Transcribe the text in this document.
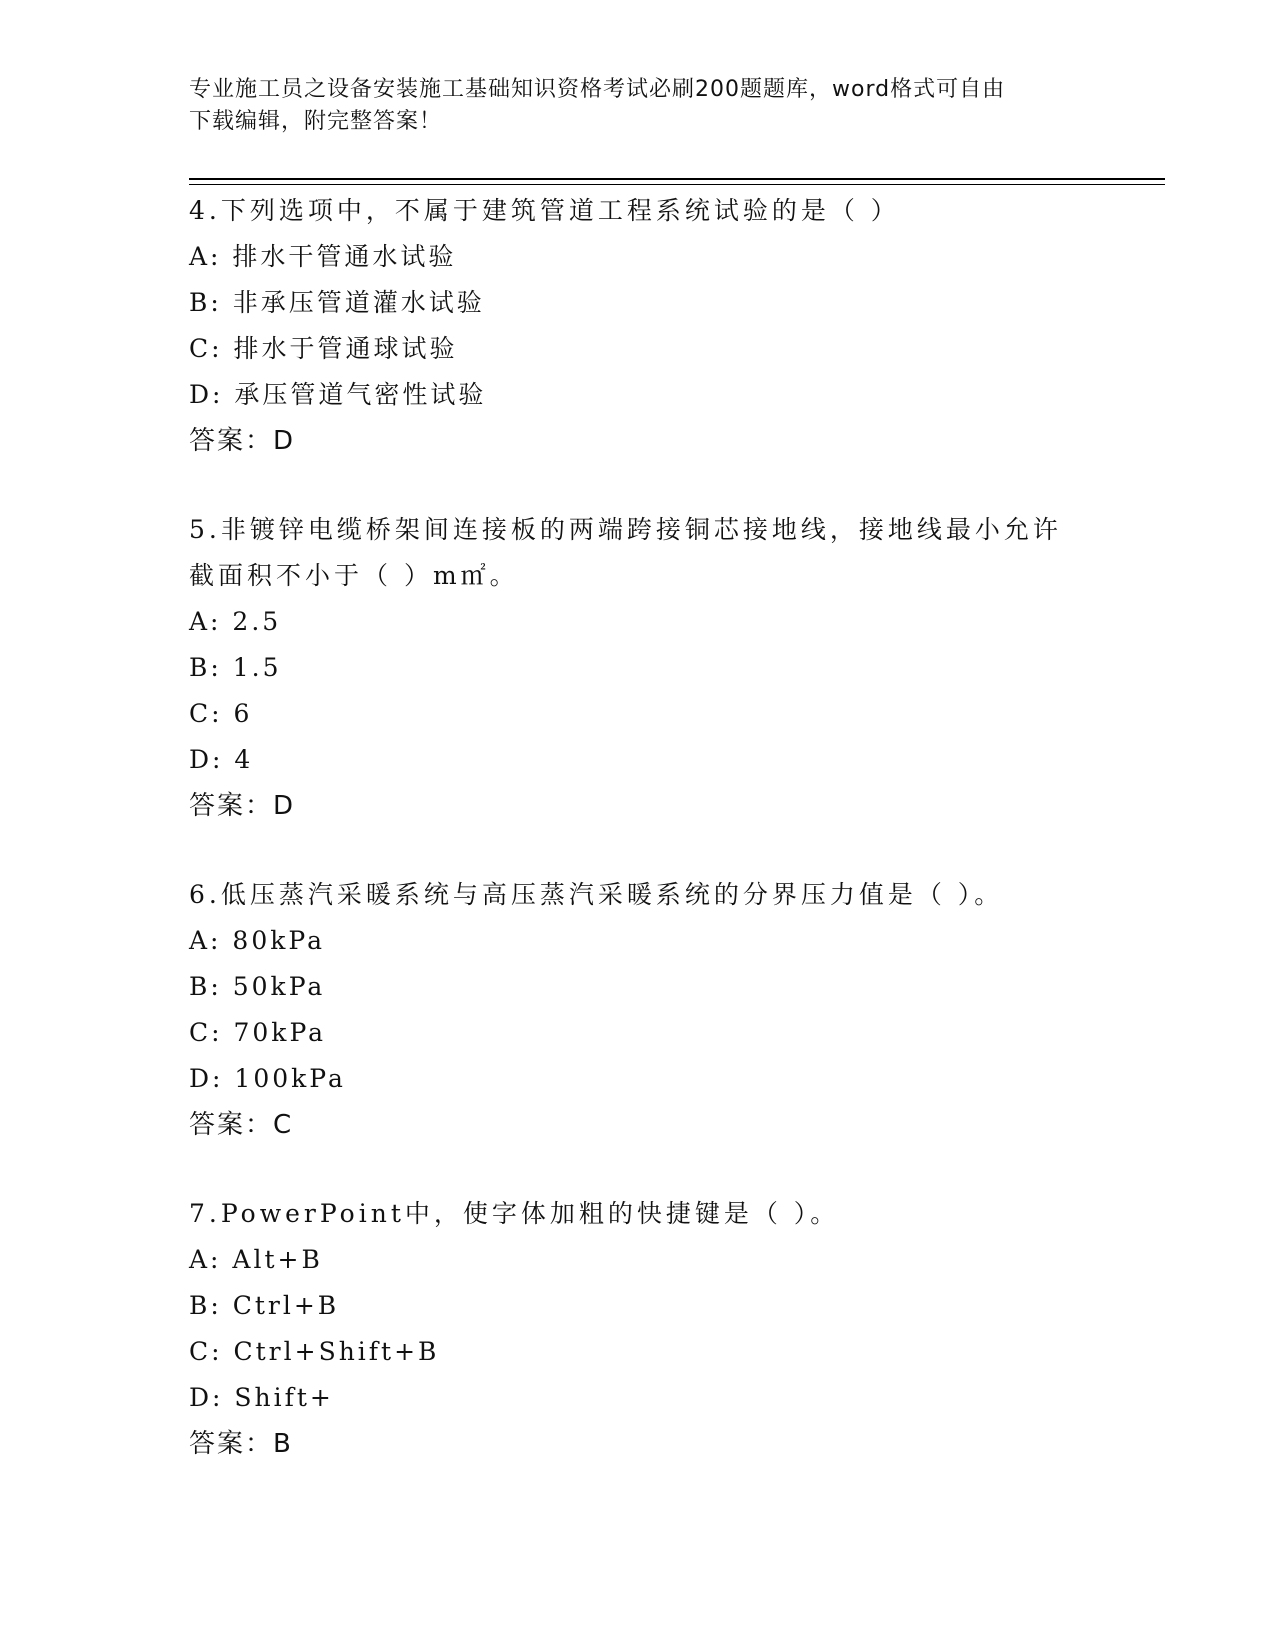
专业施工员之设备安装施工基础知识资格考试必刷200题题库，word格式可自由
下载编辑，附完整答案！
4.下列选项中，不属于建筑管道工程系统试验的是（ ）
A: 排水干管通水试验
B: 非承压管道灌水试验
C: 排水于管通球试验
D: 承压管道气密性试验
答案：D
5.非镀锌电缆桥架间连接板的两端跨接铜芯接地线，接地线最小允许
截面积不小于（ ）m㎡。
A: 2.5
B: 1.5
C: 6
D: 4
答案：D
6.低压蒸汽采暖系统与高压蒸汽采暖系统的分界压力值是（ ）。
A: 80kPa
B: 50kPa
C: 70kPa
D: 100kPa
答案：C
7.PowerPoint中，使字体加粗的快捷键是（ ）。
A: Alt+B
B: Ctrl+B
C: Ctrl+Shift+B
D: Shift+
答案：B
